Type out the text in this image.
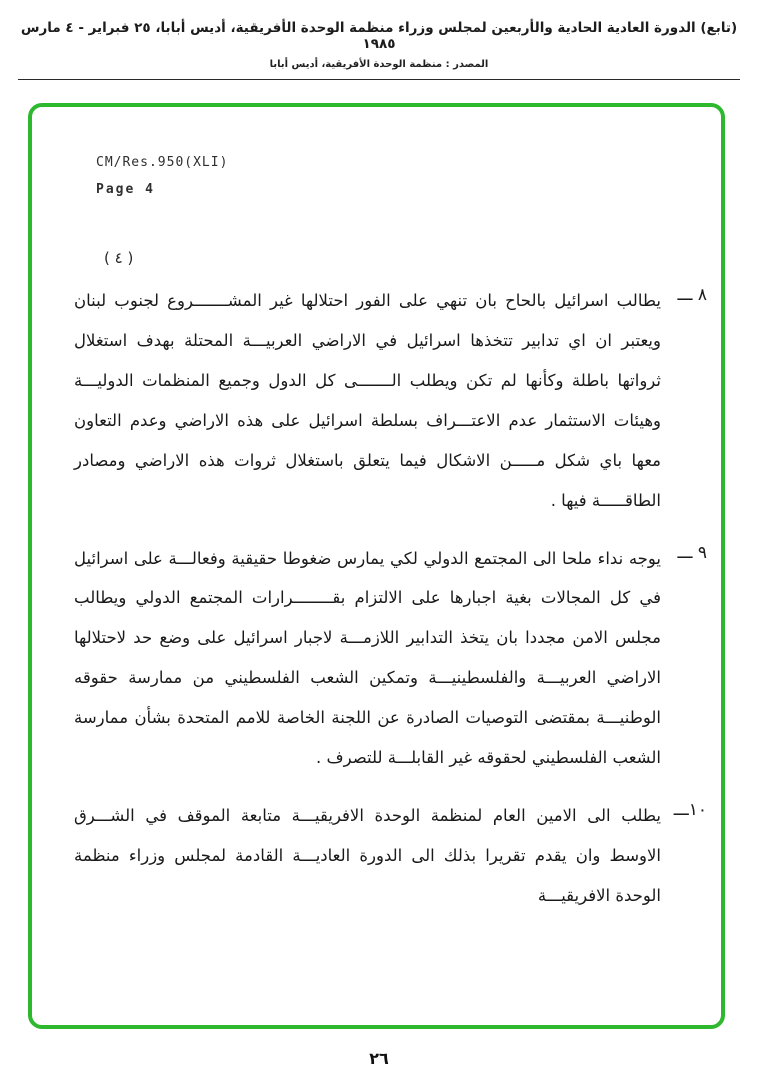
(تابع) الدورة العادية الحادية والأربعين لمجلس وزراء منظمة الوحدة الأفريقية، أديس أبابا، ٢٥ فبراير - ٤ مارس ١٩٨٥
المصدر : منظمة الوحدة الأفريقية، أديس أبابا

CM/Res.950(XLI)

Page 4

( ٤ )
٨ ـــ
يطالب اسرائيل بالحاح بان تنهي على الفور احتلالها غير المشـــــــروع لجنوب لبنان ويعتبر ان اي تدابير تتخذها اسرائيل في الاراضي العربيـــة المحتلة بهدف استغلال ثرواتها باطلة وكأنها لم تكن ويطلب الـــــــى كل الدول وجميع المنظمات الدوليـــة وهيئات الاستثمار عدم الاعتـــراف بسلطة اسرائيل على هذه الاراضي وعدم التعاون معها باي شكل مـــــن الاشكال فيما يتعلق باستغلال ثروات هذه الاراضي ومصادر الطاقـــــة فيها .
٩ ـــ
يوجه نداء ملحا الى المجتمع الدولي لكي يمارس ضغوطا حقيقية وفعالـــة على اسرائيل في كل المجالات بغية اجبارها على الالتزام بقــــــــرارات المجتمع الدولي ويطالب مجلس الامن مجددا بان يتخذ التدابير اللازمـــة لاجبار اسرائيل على وضع حد لاحتلالها الاراضي العربيـــة والفلسطينيـــة وتمكين الشعب الفلسطيني من ممارسة حقوقه الوطنيـــة بمقتضى التوصيات الصادرة عن اللجنة الخاصة للامم المتحدة بشأن ممارسة الشعب الفلسطيني لحقوقه غير القابلـــة للتصرف .
١٠ـــ
يطلب الى الامين العام لمنظمة الوحدة الافريقيـــة متابعة الموقف في الشـــرق الاوسط وان يقدم تقريرا بذلك الى الدورة العاديـــة القادمة لمجلس وزراء منظمة الوحدة الافريقيـــة
٢٦
